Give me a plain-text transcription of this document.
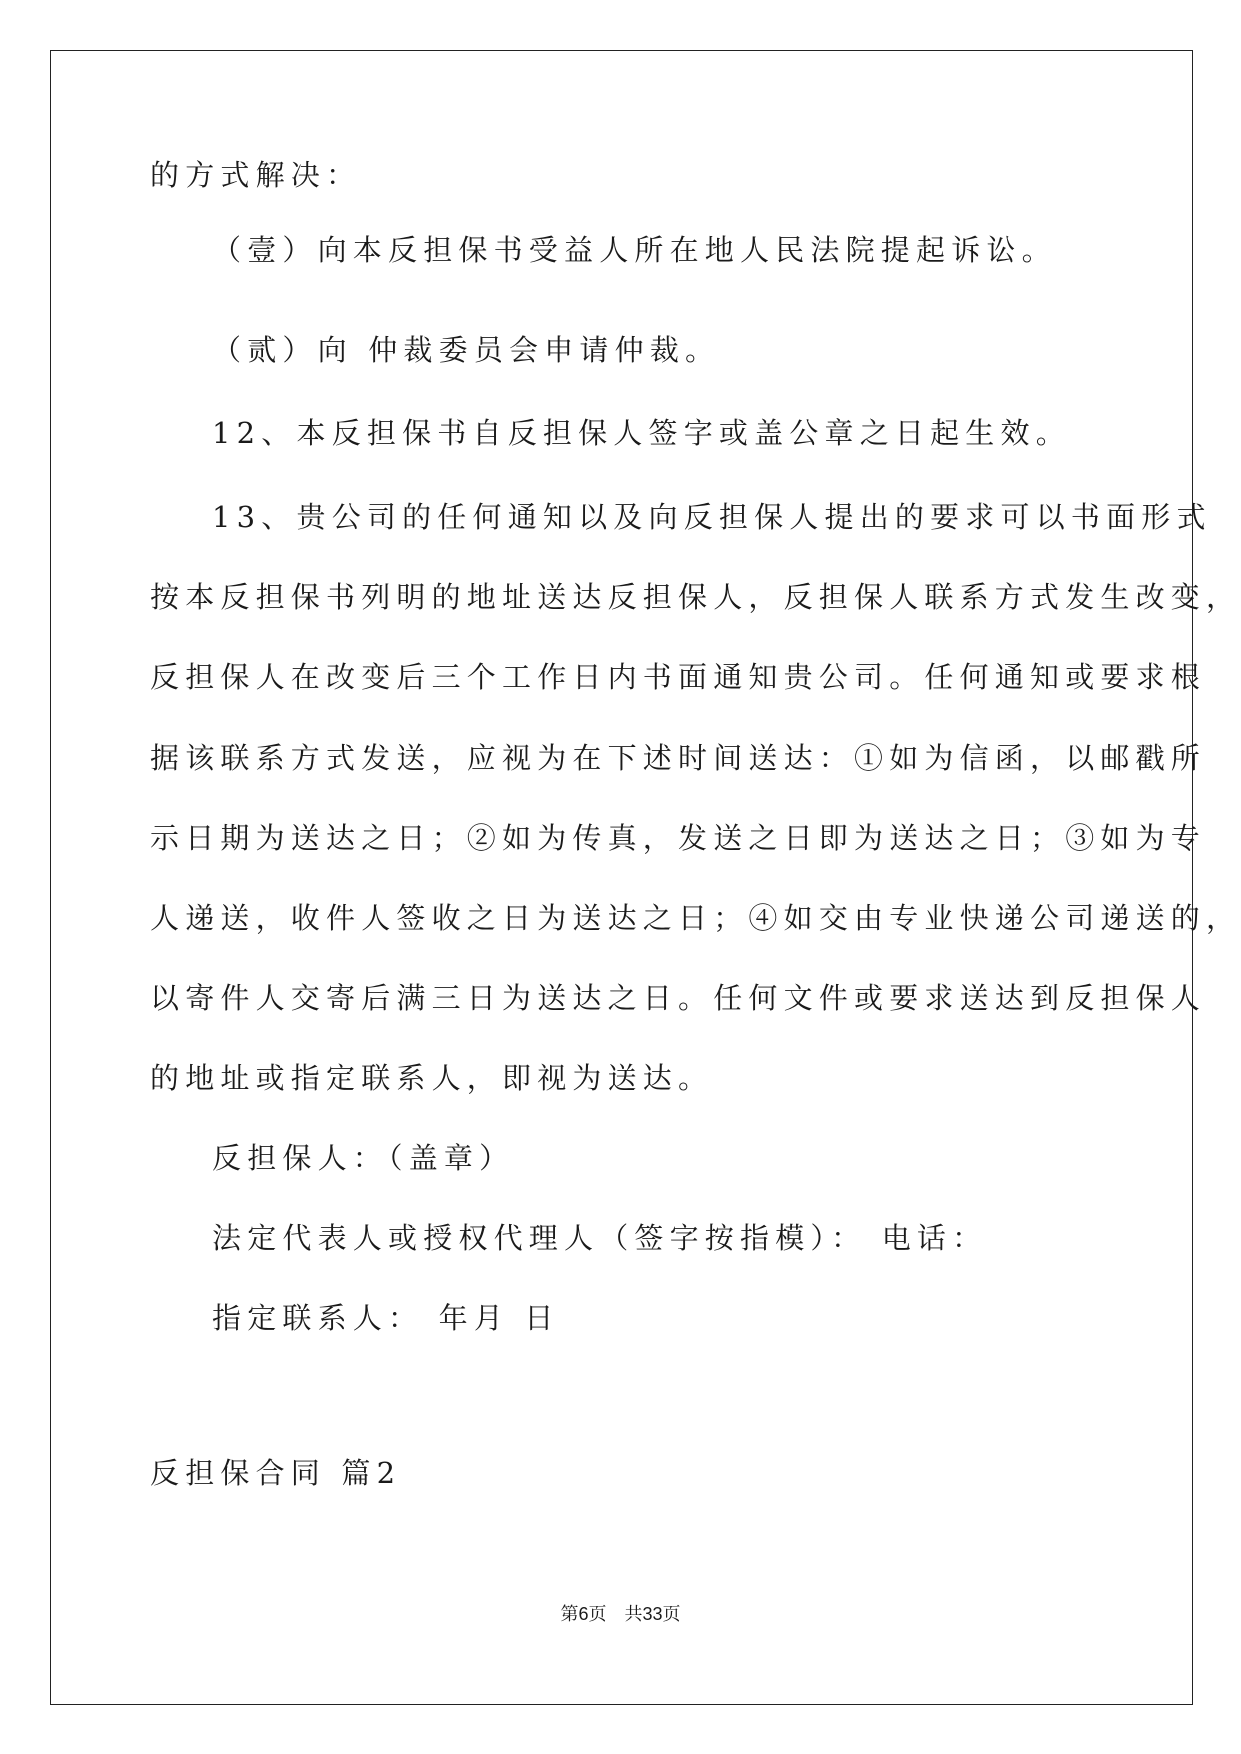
的方式解决：
（壹）向本反担保书受益人所在地人民法院提起诉讼。
（贰）向 仲裁委员会申请仲裁。
12、本反担保书自反担保人签字或盖公章之日起生效。
13、贵公司的任何通知以及向反担保人提出的要求可以书面形式
按本反担保书列明的地址送达反担保人，反担保人联系方式发生改变，
反担保人在改变后三个工作日内书面通知贵公司。任何通知或要求根
据该联系方式发送，应视为在下述时间送达：①如为信函，以邮戳所
示日期为送达之日；②如为传真，发送之日即为送达之日；③如为专
人递送，收件人签收之日为送达之日；④如交由专业快递公司递送的，
以寄件人交寄后满三日为送达之日。任何文件或要求送达到反担保人
的地址或指定联系人，即视为送达。
反担保人：（盖章）
法定代表人或授权代理人（签字按指模）： 电话：
指定联系人： 年月 日
反担保合同 篇2
第6页　共33页
